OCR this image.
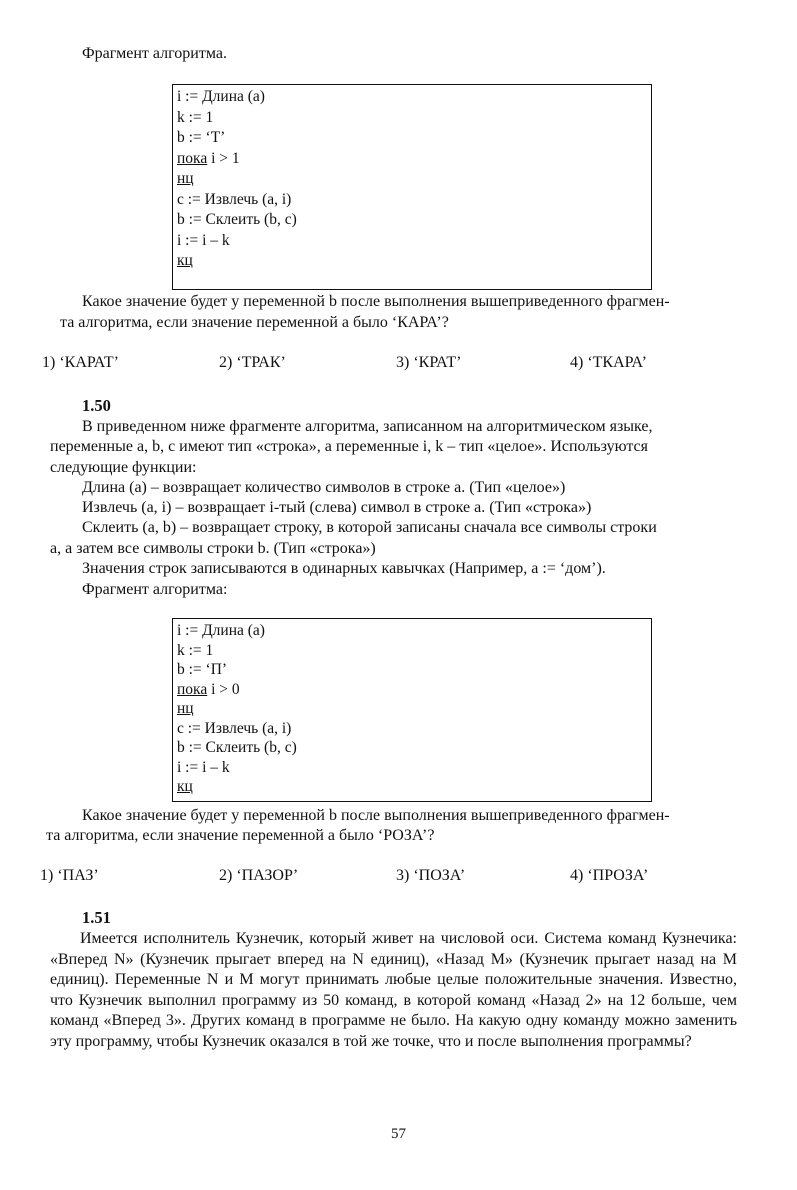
Фрагмент алгоритма.
i := Длина (a)
k := 1
b := ‘T’
пока i > 1
нц
c := Извлечь (a, i)
b := Склеить (b, c)
i := i – k
кц
Какое значение будет у переменной b после выполнения вышеприведенного фрагмен-
та алгоритма, если значение переменной a было ‘КАРА’?
1) ‘КАРАТ’	2) ‘ТРАК’	3) ‘КРАТ’	4) ‘ТКАРА’
1.50
В приведенном ниже фрагменте алгоритма, записанном на алгоритмическом языке,
переменные a, b, c имеют тип «строка», а переменные i, k – тип «целое». Используются
следующие функции:
Длина (a) – возвращает количество символов в строке a. (Тип «целое»)
Извлечь (a, i) – возвращает i-тый (слева) символ в строке a. (Тип «строка»)
Склеить (a, b) – возвращает строку, в которой записаны сначала все символы строки
a, а затем все символы строки b. (Тип «строка»)
Значения строк записываются в одинарных кавычках (Например, a := ‘дом’).
Фрагмент алгоритма:
i := Длина (a)
k := 1
b := ‘П’
пока i > 0
нц
c := Извлечь (a, i)
b := Склеить (b, c)
i := i – k
кц
Какое значение будет у переменной b после выполнения вышеприведенного фрагмен-
та алгоритма, если значение переменной a было ‘РОЗА’?
1) ‘ПАЗ’	2) ‘ПАЗОР’	3) ‘ПОЗА’	4) ‘ПРОЗА’
1.51
Имеется исполнитель Кузнечик, который живет на числовой оси. Система команд Кузнечика: «Вперед N» (Кузнечик прыгает вперед на N единиц), «Назад M» (Кузнечик прыгает назад на M единиц). Переменные N и M могут принимать любые целые положительные значения. Известно, что Кузнечик выполнил программу из 50 команд, в которой команд «Назад 2» на 12 больше, чем команд «Вперед 3». Других команд в программе не было. На какую одну команду можно заменить эту программу, чтобы Кузнечик оказался в той же точке, что и после выполнения программы?
57
